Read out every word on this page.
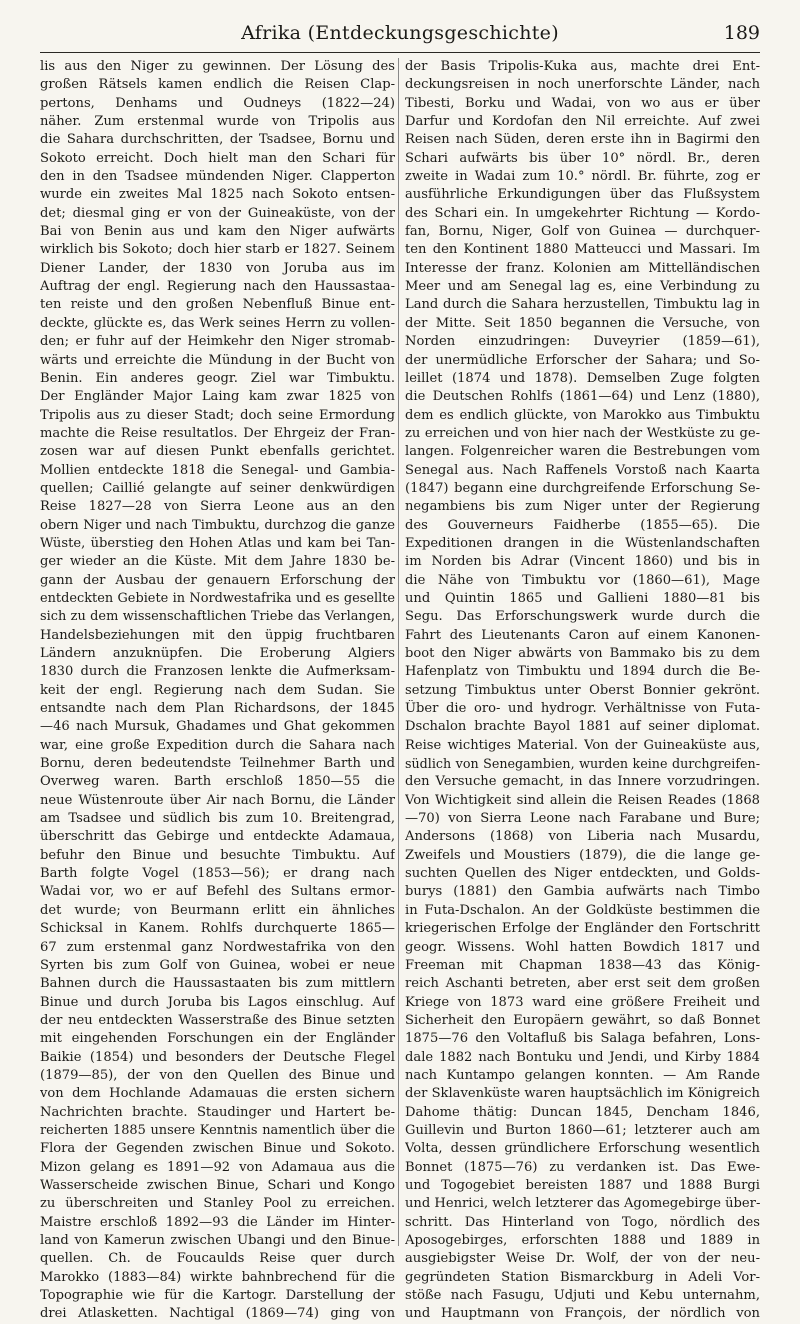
Afrika (Entdeckungsgeschichte)	189

lis aus den Niger zu gewinnen. Der Lösung des

großen Rätsels kamen endlich die Reisen Clap-

pertons, Denhams und Oudneys (1822—24)

näher. Zum erstenmal wurde von Tripolis aus

die Sahara durchschritten, der Tsadsee, Bornu und

Sokoto erreicht. Doch hielt man den Schari für

den in den Tsadsee mündenden Niger. Clapperton

wurde ein zweites Mal 1825 nach Sokoto entsen-

det; diesmal ging er von der Guineaküste, von der

Bai von Benin aus und kam den Niger aufwärts

wirklich bis Sokoto; doch hier starb er 1827. Seinem

Diener Lander, der 1830 von Joruba aus im

Auftrag der engl. Regierung nach den Haussastaa-

ten reiste und den großen Nebenfluß Binue ent-

deckte, glückte es, das Werk seines Herrn zu vollen-

den; er fuhr auf der Heimkehr den Niger stromab-

wärts und erreichte die Mündung in der Bucht von

Benin. Ein anderes geogr. Ziel war Timbuktu.

Der Engländer Major Laing kam zwar 1825 von

Tripolis aus zu dieser Stadt; doch seine Ermordung

machte die Reise resultatlos. Der Ehrgeiz der Fran-

zosen war auf diesen Punkt ebenfalls gerichtet.

Mollien entdeckte 1818 die Senegal- und Gambia-

quellen; Caillié gelangte auf seiner denkwürdigen

Reise 1827—28 von Sierra Leone aus an den

obern Niger und nach Timbuktu, durchzog die ganze

Wüste, überstieg den Hohen Atlas und kam bei Tan-

ger wieder an die Küste. Mit dem Jahre 1830 be-

gann der Ausbau der genauern Erforschung der

entdeckten Gebiete in Nordwestafrika und es gesellte

sich zu dem wissenschaftlichen Triebe das Verlangen,

Handelsbeziehungen mit den üppig fruchtbaren

Ländern anzuknüpfen. Die Eroberung Algiers

1830 durch die Franzosen lenkte die Aufmerksam-

keit der engl. Regierung nach dem Sudan. Sie

entsandte nach dem Plan Richardsons, der 1845

—46 nach Mursuk, Ghadames und Ghat gekommen

war, eine große Expedition durch die Sahara nach

Bornu, deren bedeutendste Teilnehmer Barth und

Overweg waren. Barth erschloß 1850—55 die

neue Wüstenroute über Air nach Bornu, die Länder

am Tsadsee und südlich bis zum 10. Breitengrad,

überschritt das Gebirge und entdeckte Adamaua,

befuhr den Binue und besuchte Timbuktu. Auf

Barth folgte Vogel (1853—56); er drang nach

Wadai vor, wo er auf Befehl des Sultans ermor-

det wurde; von Beurmann erlitt ein ähnliches

Schicksal in Kanem. Rohlfs durchquerte 1865—

67 zum erstenmal ganz Nordwestafrika von den

Syrten bis zum Golf von Guinea, wobei er neue

Bahnen durch die Haussastaaten bis zum mittlern

Binue und durch Joruba bis Lagos einschlug. Auf

der neu entdeckten Wasserstraße des Binue setzten

mit eingehenden Forschungen ein der Engländer

Baikie (1854) und besonders der Deutsche Flegel

(1879—85), der von den Quellen des Binue und

von dem Hochlande Adamauas die ersten sichern

Nachrichten brachte. Staudinger und Hartert be-

reicherten 1885 unsere Kenntnis namentlich über die

Flora der Gegenden zwischen Binue und Sokoto.

Mizon gelang es 1891—92 von Adamaua aus die

Wasserscheide zwischen Binue, Schari und Kongo

zu überschreiten und Stanley Pool zu erreichen.

Maistre erschloß 1892—93 die Länder im Hinter-

land von Kamerun zwischen Ubangi und den Binue-

quellen. Ch. de Foucaulds Reise quer durch

Marokko (1883—84) wirkte bahnbrechend für die

Topographie wie für die Kartogr. Darstellung der

drei Atlasketten. Nachtigal (1869—74) ging von

der Basis Tripolis-Kuka aus, machte drei Ent-

deckungsreisen in noch unerforschte Länder, nach

Tibesti, Borku und Wadai, von wo aus er über

Darfur und Kordofan den Nil erreichte. Auf zwei

Reisen nach Süden, deren erste ihn in Bagirmi den

Schari aufwärts bis über 10° nördl. Br., deren

zweite in Wadai zum 10.° nördl. Br. führte, zog er

ausführliche Erkundigungen über das Flußsystem

des Schari ein. In umgekehrter Richtung — Kordo-

fan, Bornu, Niger, Golf von Guinea — durchquer-

ten den Kontinent 1880 Matteucci und Massari. Im

Interesse der franz. Kolonien am Mittelländischen

Meer und am Senegal lag es, eine Verbindung zu

Land durch die Sahara herzustellen, Timbuktu lag in

der Mitte. Seit 1850 begannen die Versuche, von

Norden einzudringen: Duveyrier (1859—61),

der unermüdliche Erforscher der Sahara; und So-

leillet (1874 und 1878). Demselben Zuge folgten

die Deutschen Rohlfs (1861—64) und Lenz (1880),

dem es endlich glückte, von Marokko aus Timbuktu

zu erreichen und von hier nach der Westküste zu ge-

langen. Folgenreicher waren die Bestrebungen vom

Senegal aus. Nach Raffenels Vorstoß nach Kaarta

(1847) begann eine durchgreifende Erforschung Se-

negambiens bis zum Niger unter der Regierung

des Gouverneurs Faidherbe (1855—65). Die

Expeditionen drangen in die Wüstenlandschaften

im Norden bis Adrar (Vincent 1860) und bis in

die Nähe von Timbuktu vor (1860—61), Mage

und Quintin 1865 und Gallieni 1880—81 bis

Segu. Das Erforschungswerk wurde durch die

Fahrt des Lieutenants Caron auf einem Kanonen-

boot den Niger abwärts von Bammako bis zu dem

Hafenplatz von Timbuktu und 1894 durch die Be-

setzung Timbuktus unter Oberst Bonnier gekrönt.

Über die oro- und hydrogr. Verhältnisse von Futa-

Dschalon brachte Bayol 1881 auf seiner diplomat.

Reise wichtiges Material. Von der Guineaküste aus,

südlich von Senegambien, wurden keine durchgreifen-

den Versuche gemacht, in das Innere vorzudringen.

Von Wichtigkeit sind allein die Reisen Reades (1868

—70) von Sierra Leone nach Farabane und Bure;

Andersons (1868) von Liberia nach Musardu,

Zweifels und Moustiers (1879), die die lange ge-

suchten Quellen des Niger entdeckten, und Golds-

burys (1881) den Gambia aufwärts nach Timbo

in Futa-Dschalon. An der Goldküste bestimmen die

kriegerischen Erfolge der Engländer den Fortschritt

geogr. Wissens. Wohl hatten Bowdich 1817 und

Freeman mit Chapman 1838—43 das König-

reich Aschanti betreten, aber erst seit dem großen

Kriege von 1873 ward eine größere Freiheit und

Sicherheit den Europäern gewährt, so daß Bonnet

1875—76 den Voltafluß bis Salaga befahren, Lons-

dale 1882 nach Bontuku und Jendi, und Kirby 1884

nach Kuntampo gelangen konnten. — Am Rande

der Sklavenküste waren hauptsächlich im Königreich

Dahome thätig: Duncan 1845, Dencham 1846,

Guillevin und Burton 1860—61; letzterer auch am

Volta, dessen gründlichere Erforschung wesentlich

Bonnet (1875—76) zu verdanken ist. Das Ewe-

und Togogebiet bereisten 1887 und 1888 Burgi

und Henrici, welch letzterer das Agomegebirge über-

schritt. Das Hinterland von Togo, nördlich des

Aposogebirges, erforschten 1888 und 1889 in

ausgiebigster Weise Dr. Wolf, der von der neu-

gegründeten Station Bismarckburg in Adeli Vor-

stöße nach Fasugu, Udjuti und Kebu unternahm,

und Hauptmann von François, der nördlich von
